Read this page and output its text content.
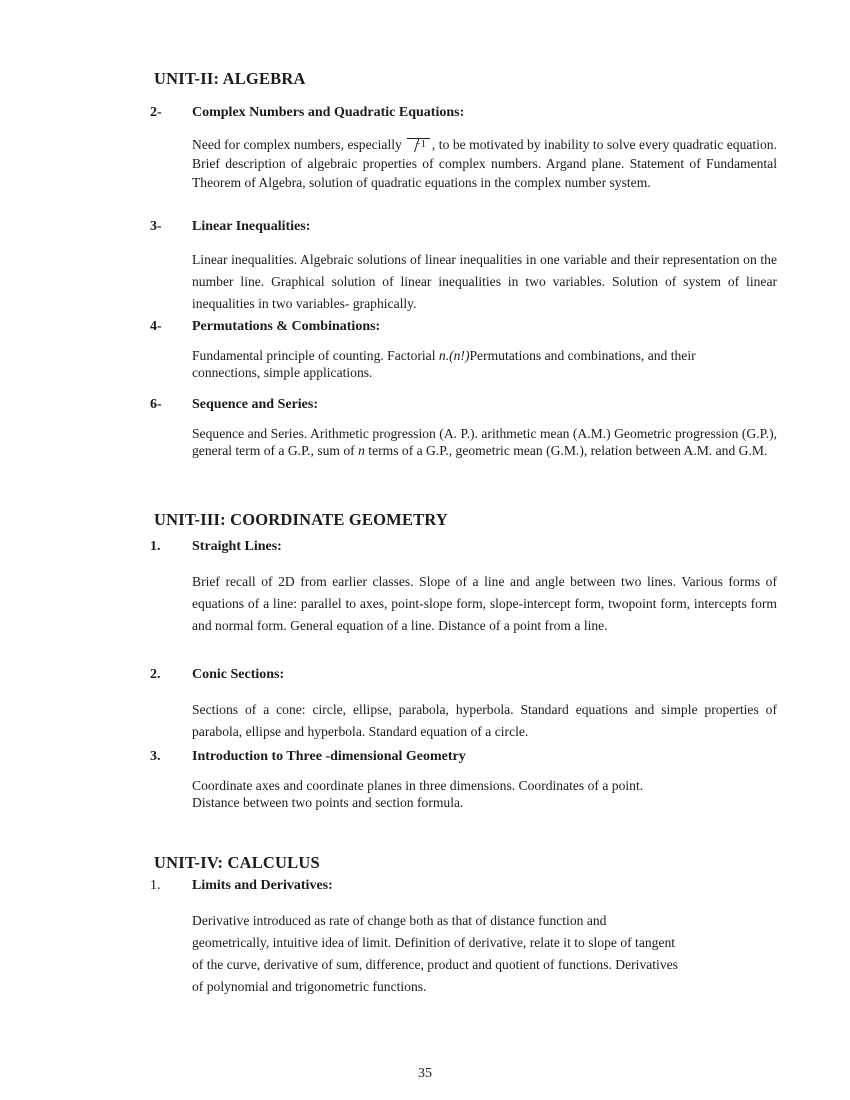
UNIT-II: ALGEBRA
2- Complex Numbers and Quadratic Equations:

Need for complex numbers, especially −1 , to be motivated by inability to solve every quadratic equation. Brief description of algebraic properties of complex numbers. Argand plane. Statement of Fundamental Theorem of Algebra, solution of quadratic equations in the complex number system.

3- Linear Inequalities:

Linear inequalities. Algebraic solutions of linear inequalities in one variable and their representation on the number line. Graphical solution of linear inequalities in two variables. Solution of system of linear inequalities in two variables- graphically.

4- Permutations & Combinations:

Fundamental principle of counting. Factorial n.(n!)Permutations and combinations, and their connections, simple applications.

6- Sequence and Series:

Sequence and Series. Arithmetic progression (A. P.). arithmetic mean (A.M.) Geometric progression (G.P.), general term of a G.P., sum of n terms of a G.P., geometric mean (G.M.), relation between A.M. and G.M.

UNIT-III: COORDINATE GEOMETRY
1. Straight Lines:

Brief recall of 2D from earlier classes. Slope of a line and angle between two lines. Various forms of equations of a line: parallel to axes, point-slope form, slope-intercept form, twopoint form, intercepts form and normal form. General equation of a line. Distance of a point from a line.

2. Conic Sections:

Sections of a cone: circle, ellipse, parabola, hyperbola. Standard equations and simple properties of parabola, ellipse and hyperbola. Standard equation of a circle.

3. Introduction to Three -dimensional Geometry
Coordinate axes and coordinate planes in three dimensions. Coordinates of a point.
Distance between two points and section formula.
UNIT-IV: CALCULUS
1. Limits and Derivatives:
Derivative introduced as rate of change both as that of distance function and
geometrically, intuitive idea of limit. Definition of derivative, relate it to slope of tangent
of the curve, derivative of sum, difference, product and quotient of functions. Derivatives
of polynomial and trigonometric functions.
35
